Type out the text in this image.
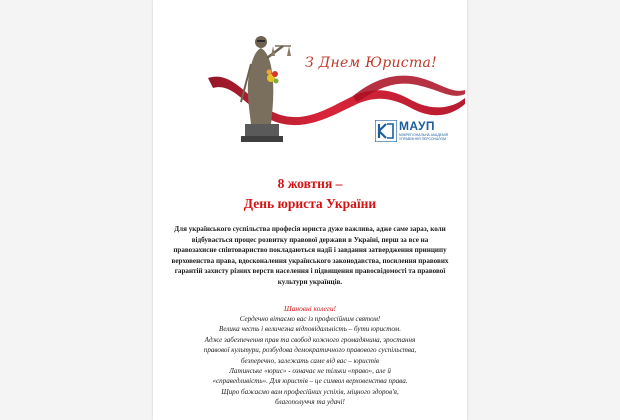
З Днем Юриста!
МАУП
МІЖРЕГІОНАЛЬНА АКАДЕМІЯ УПРАВЛІННЯ ПЕРСОНАЛОМ
8 жовтня –
День юриста України
Для українського суспільства професія юриста дуже важлива, адже саме зараз, коли відбувається процес розвитку правової держави в Україні, перш за все на правозахисне співтовариство покладаються надії і завдання затвердження принципу верховенства права, вдосконалення українського законодавства, посилення правових гарантій захисту різних верств населення і підвищення правосвідомості та правової культури українців.
Шановні колеги!
Сердечно вітаємо вас із професійним святом!
Велика честь і величезна відповідальність – бути юристом.
Адже забезпечення прав та свобод кожного громадянина, зростання
правової культури, розбудова демократичного правового суспільства,
безперечно, залежать саме від вас – юристів
Латинське «юрис» - означає не тільки «право», але й
«справедливість». Для юристів – це символ верховенства права.
Щиро бажаємо вам професійних успіхів, міцного здоров'я,
благополуччя та удачі!
